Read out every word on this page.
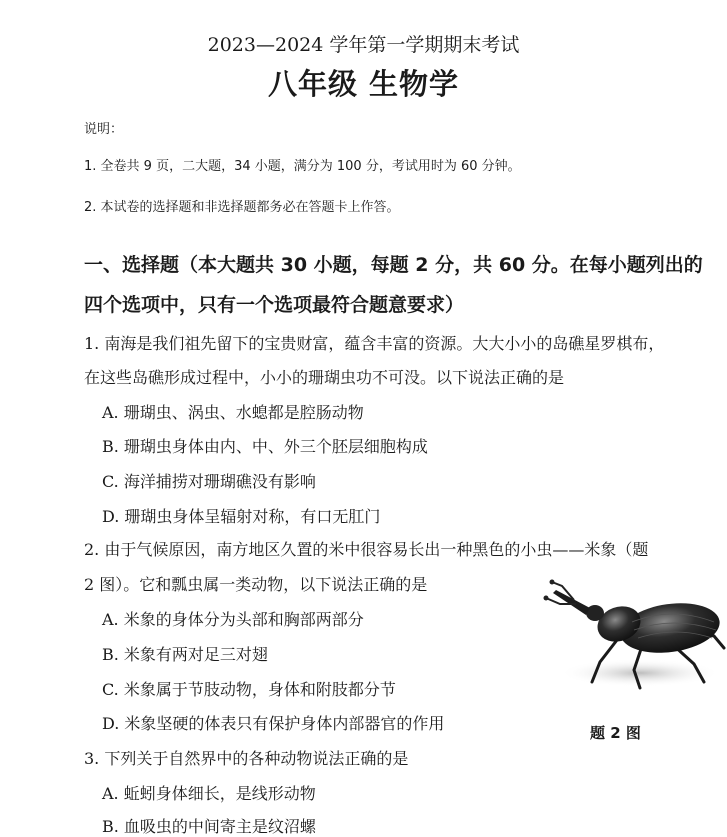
2023—2024 学年第一学期期末考试
八年级 生物学
说明：
1. 全卷共 9 页，二大题，34 小题，满分为 100 分，考试用时为 60 分钟。
2. 本试卷的选择题和非选择题都务必在答题卡上作答。
一、选择题（本大题共 30 小题，每题 2 分，共 60 分。在每小题列出的
四个选项中，只有一个选项最符合题意要求）
1. 南海是我们祖先留下的宝贵财富，蕴含丰富的资源。大大小小的岛礁星罗棋布，
在这些岛礁形成过程中，小小的珊瑚虫功不可没。以下说法正确的是
A. 珊瑚虫、涡虫、水螅都是腔肠动物
B. 珊瑚虫身体由内、中、外三个胚层细胞构成
C. 海洋捕捞对珊瑚礁没有影响
D. 珊瑚虫身体呈辐射对称，有口无肛门
2. 由于气候原因，南方地区久置的米中很容易长出一种黑色的小虫——米象（题
2 图）。它和瓢虫属一类动物，以下说法正确的是
A. 米象的身体分为头部和胸部两部分
B. 米象有两对足三对翅
C. 米象属于节肢动物，身体和附肢都分节
D. 米象坚硬的体表只有保护身体内部器官的作用	题 2 图
3. 下列关于自然界中的各种动物说法正确的是
A. 蚯蚓身体细长，是线形动物
B. 血吸虫的中间寄主是纹沼螺
